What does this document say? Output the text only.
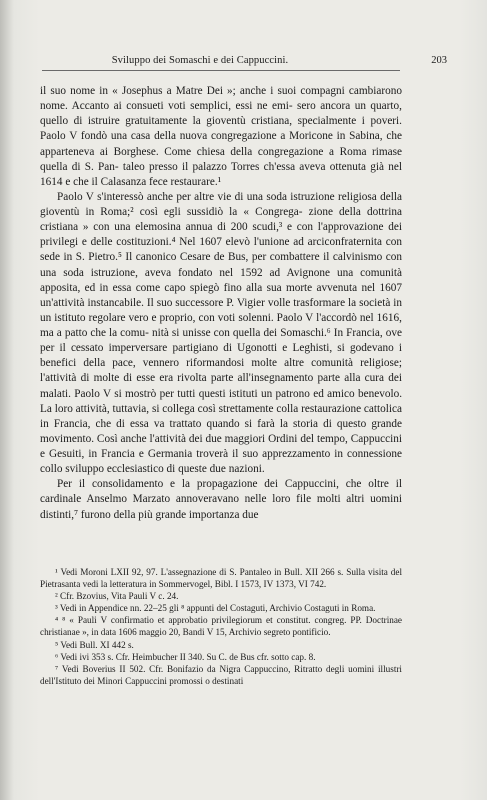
Sviluppo dei Somaschi e dei Cappuccini.	203

il suo nome in « Josephus a Matre Dei »; anche i suoi compagni cambiarono nome. Accanto ai consueti voti semplici, essi ne emi- sero ancora un quarto, quello di istruire gratuitamente la gioventù cristiana, specialmente i poveri. Paolo V fondò una casa della nuova congregazione a Moricone in Sabina, che apparteneva ai Borghese. Come chiesa della congregazione a Roma rimase quella di S. Pan- taleo presso il palazzo Torres ch'essa aveva ottenuta già nel 1614 e che il Calasanza fece restaurare.¹

Paolo V s'interessò anche per altre vie di una soda istruzione religiosa della gioventù in Roma;² così egli sussidiò la « Congrega- zione della dottrina cristiana » con una elemosina annua di 200 scudi,³ e con l'approvazione dei privilegi e delle costituzioni.⁴ Nel 1607 elevò l'unione ad arciconfraternita con sede in S. Pietro.⁵ Il canonico Cesare de Bus, per combattere il calvinismo con una soda istruzione, aveva fondato nel 1592 ad Avignone una comunità apposita, ed in essa come capo spiegò fino alla sua morte avvenuta nel 1607 un'attività instancabile. Il suo successore P. Vigier volle trasformare la società in un istituto regolare vero e proprio, con voti solenni. Paolo V l'accordò nel 1616, ma a patto che la comu- nità si unisse con quella dei Somaschi.⁶ In Francia, ove per il cessato imperversare partigiano di Ugonotti e Leghisti, si godevano i benefici della pace, vennero riformandosi molte altre comunità religiose; l'attività di molte di esse era rivolta parte all'insegnamento parte alla cura dei malati. Paolo V si mostrò per tutti questi istituti un patrono ed amico benevolo. La loro attività, tuttavia, si collega così strettamente colla restaurazione cattolica in Francia, che di essa va trattato quando si farà la storia di questo grande movimento. Così anche l'attività dei due maggiori Ordini del tempo, Cappuccini e Gesuiti, in Francia e Germania troverà il suo apprezzamento in connessione collo sviluppo ecclesiastico di queste due nazioni.

Per il consolidamento e la propagazione dei Cappuccini, che oltre il cardinale Anselmo Marzato annoveravano nelle loro file molti altri uomini distinti,⁷ furono della più grande importanza due

¹ Vedi Moroni LXII 92, 97. L'assegnazione di S. Pantaleo in Bull. XII 266 s. Sulla visita del Pietrasanta vedi la letteratura in Sommervogel, Bibl. I 1573, IV 1373, VI 742.

² Cfr. Bzovius, Vita Pauli V c. 24.

³ Vedi in Appendice nn. 22–25 gli ⁸ appunti del Costaguti, Archivio Costaguti in Roma.

⁴ ⁸ « Pauli V confirmatio et approbatio privilegiorum et constitut. congreg. PP. Doctrinae christianae », in data 1606 maggio 20, Bandi V 15, Archivio segreto pontificio.

⁵ Vedi Bull. XI 442 s.

⁶ Vedi ivi 353 s. Cfr. Heimbucher II 340. Su C. de Bus cfr. sotto cap. 8.

⁷ Vedi Boverius II 502. Cfr. Bonifazio da Nigra Cappuccino, Ritratto degli uomini illustri dell'Istituto dei Minori Cappuccini promossi o destinati
